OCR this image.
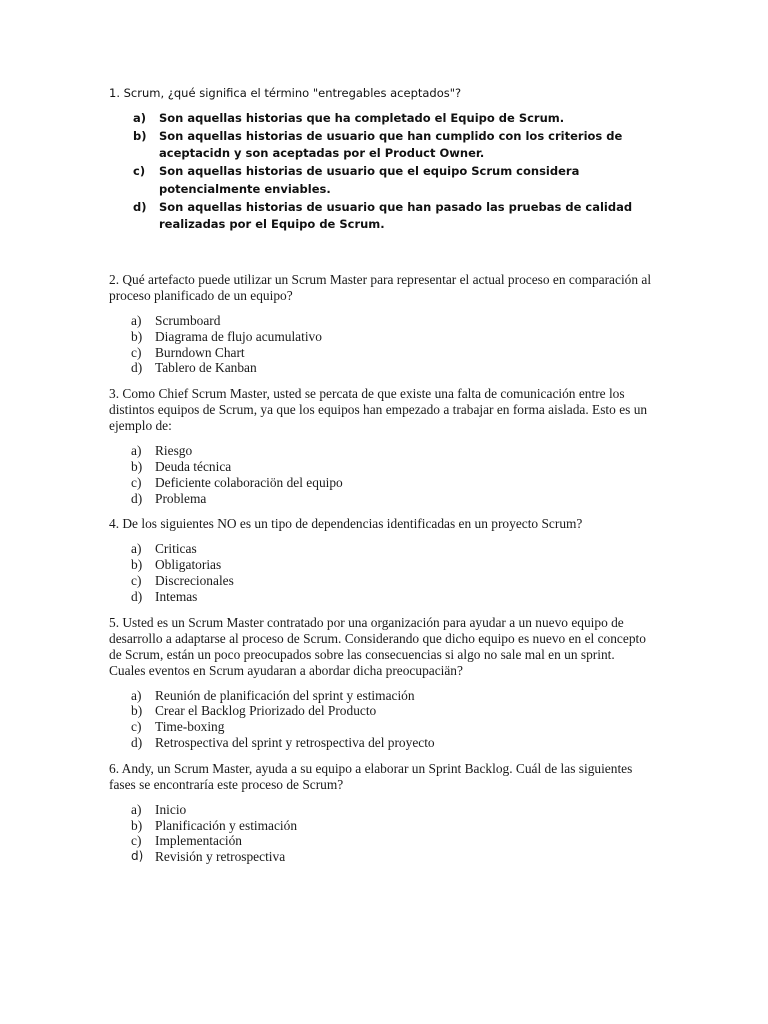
1. Scrum, ¿qué significa el término "entregables aceptados"?
a)	Son aquellas historias que ha completado el Equipo de Scrum.
b)	Son aquellas historias de usuario que han cumplido con los criterios de aceptacidn y son aceptadas por el Product Owner.
c)	Son aquellas historias de usuario que el equipo Scrum considera potencialmente enviables.
d)	Son aquellas historias de usuario que han pasado las pruebas de calidad realizadas por el Equipo de Scrum.
2. Qué artefacto puede utilizar un Scrum Master para representar el actual proceso en comparación al proceso planificado de un equipo?
a)	Scrumboard
b) Diagrama de flujo acumulativo
c)	Burndown Chart
d) Tablero de Kanban
3. Como Chief Scrum Master, usted se percata de que existe una falta de comunicación entre los distintos equipos de Scrum, ya que los equipos han empezado a trabajar en forma aislada. Esto es un ejemplo de:
a)	Riesgo
b) Deuda técnica
c)	Deficiente colaboraciön del equipo
d) Problema
4. De los siguientes NO es un tipo de dependencias identificadas en un proyecto Scrum?
a)	Criticas
b) Obligatorias
c)	Discrecionales
d) Intemas
5. Usted es un Scrum Master contratado por una organización para ayudar a un nuevo equipo de desarrollo a adaptarse al proceso de Scrum. Considerando que dicho equipo es nuevo en el concepto de Scrum, están un poco preocupados sobre las consecuencias si algo no sale mal en un sprint. Cuales eventos en Scrum ayudaran a abordar dicha preocupaciän?
a)	Reunión de planificación del sprint y estimación
b) Crear el Backlog Priorizado del Producto
c)	Time-boxing
d) Retrospectiva del sprint y retrospectiva del proyecto
6. Andy, un Scrum Master, ayuda a su equipo a elaborar un Sprint Backlog. Cuál de las siguientes fases se encontraría este proceso de Scrum?
a)	Inicio
b) Planificación y estimación
c)	Implementación
d) Revisión y retrospectiva
